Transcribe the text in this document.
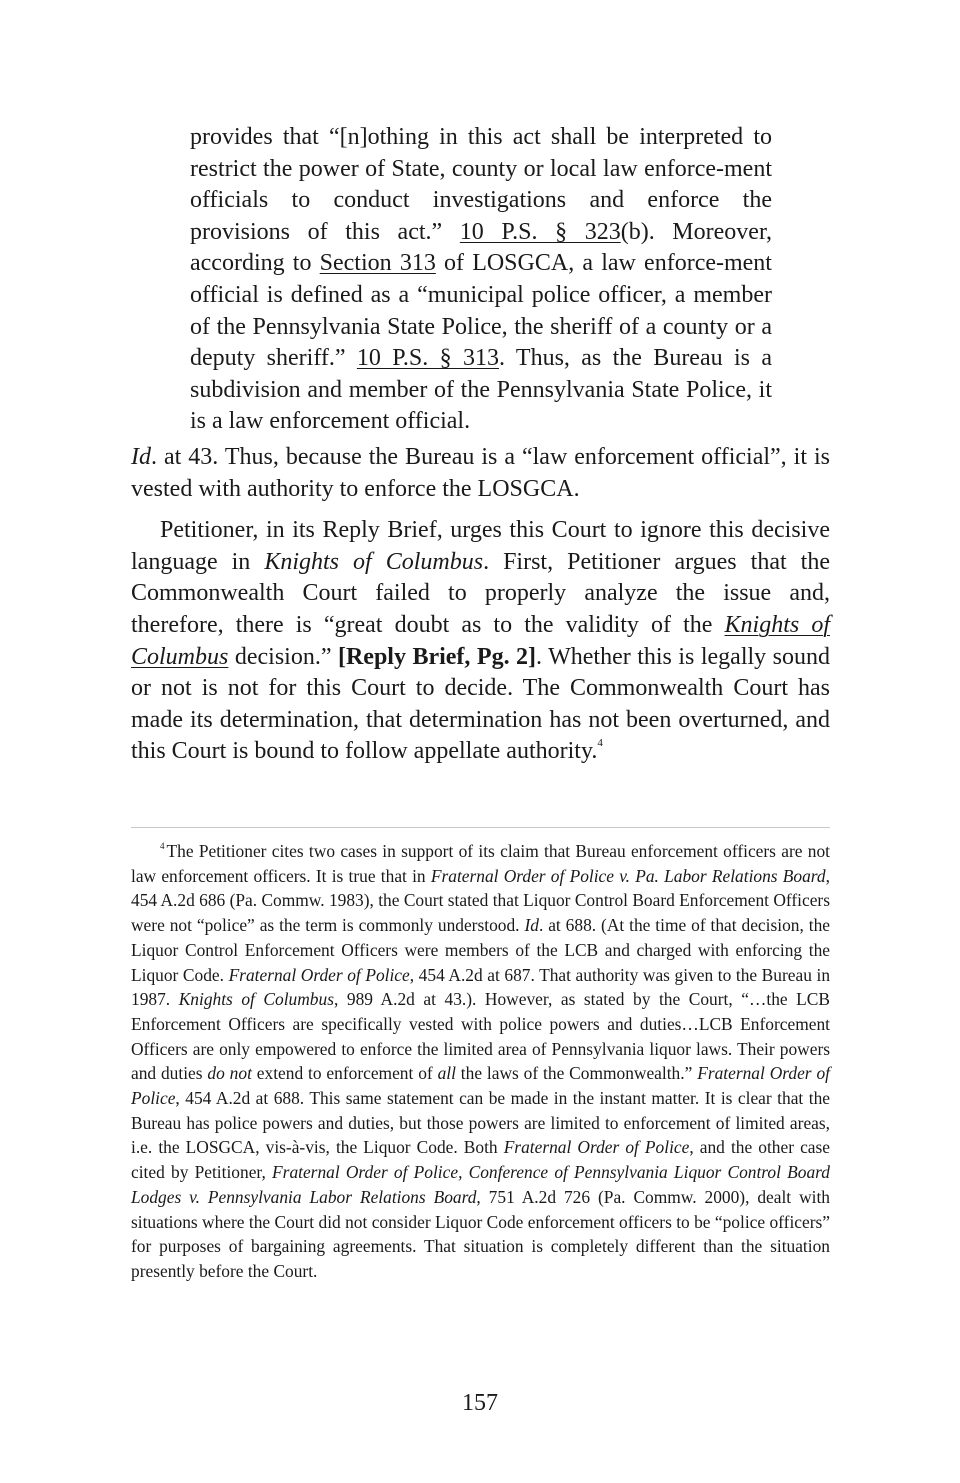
provides that “[n]othing in this act shall be interpreted to restrict the power of State, county or local law enforce-ment officials to conduct investigations and enforce the provisions of this act.” 10 P.S. § 323(b). Moreover, according to Section 313 of LOSGCA, a law enforce-ment official is defined as a “municipal police officer, a member of the Pennsylvania State Police, the sheriff of a county or a deputy sheriff.” 10 P.S. § 313. Thus, as the Bureau is a subdivision and member of the Pennsylvania State Police, it is a law enforcement official.
Id. at 43. Thus, because the Bureau is a “law enforcement official”, it is vested with authority to enforce the LOSGCA.
Petitioner, in its Reply Brief, urges this Court to ignore this decisive language in Knights of Columbus. First, Petitioner argues that the Commonwealth Court failed to properly analyze the issue and, therefore, there is “great doubt as to the validity of the Knights of Columbus decision.” [Reply Brief, Pg. 2]. Whether this is legally sound or not is not for this Court to decide. The Commonwealth Court has made its determination, that determination has not been overturned, and this Court is bound to follow appellate authority.$^4$
$^4$ The Petitioner cites two cases in support of its claim that Bureau enforcement officers are not law enforcement officers. It is true that in Fraternal Order of Police v. Pa. Labor Relations Board, 454 A.2d 686 (Pa. Commw. 1983), the Court stated that Liquor Control Board Enforcement Officers were not “police” as the term is commonly understood. Id. at 688. (At the time of that decision, the Liquor Control Enforcement Officers were members of the LCB and charged with enforcing the Liquor Code. Fraternal Order of Police, 454 A.2d at 687. That authority was given to the Bureau in 1987. Knights of Columbus, 989 A.2d at 43.). However, as stated by the Court, “…the LCB Enforcement Officers are specifically vested with police powers and duties…LCB Enforcement Officers are only empowered to enforce the limited area of Pennsylvania liquor laws. Their powers and duties do not extend to enforcement of all the laws of the Commonwealth.” Fraternal Order of Police, 454 A.2d at 688. This same statement can be made in the instant matter. It is clear that the Bureau has police powers and duties, but those powers are limited to enforcement of limited areas, i.e. the LOSGCA, vis-à-vis, the Liquor Code. Both Fraternal Order of Police, and the other case cited by Petitioner, Fraternal Order of Police, Conference of Pennsylvania Liquor Control Board Lodges v. Pennsylvania Labor Relations Board, 751 A.2d 726 (Pa. Commw. 2000), dealt with situations where the Court did not consider Liquor Code enforcement officers to be “police officers” for purposes of bargaining agreements. That situation is completely different than the situation presently before the Court.
157
